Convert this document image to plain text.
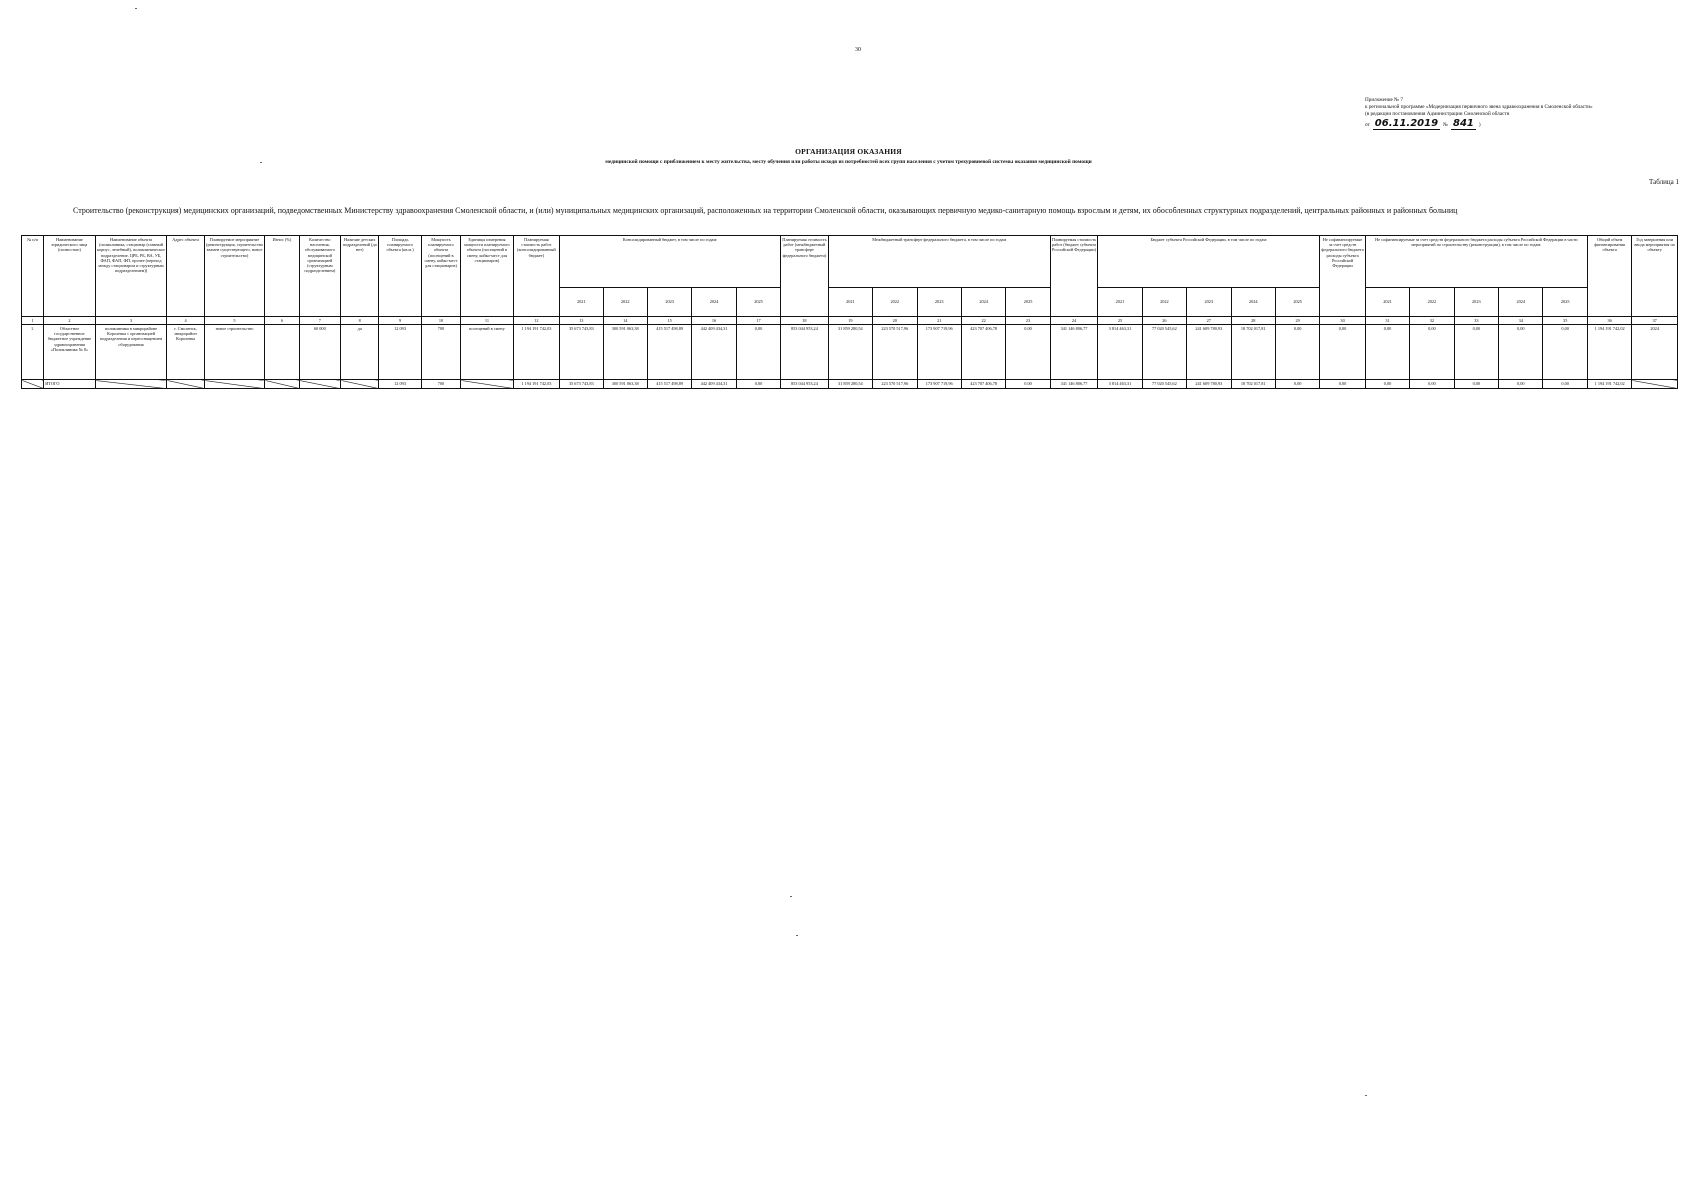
30
Приложение № 7
к региональной программе «Модернизация первичного звена здравоохранения в Смоленской области»
(в редакции постановления Администрации Смоленской области
от 06.11.2019 № 841 )
ОРГАНИЗАЦИЯ ОКАЗАНИЯ
медицинской помощи с приближением к месту жительства, месту обучения или работы исходя из потребностей всех групп населения с учетом трехуровневой системы оказания медицинской помощи
Таблица 1
Строительство (реконструкция) медицинских организаций, подведомственных Министерству здравоохранения Смоленской области, и (или) муниципальных медицинских организаций, расположенных на территории Смоленской области, оказывающих первичную медико-санитарную помощь взрослым и детям, их обособленных структурных подразделений, центральных районных и районных больниц
№ п/п	Наименование юридического лица (полностью)	Наименование объекта (поликлиника, стационар (главный корпус, лечебный), поликлиническое подразделение, ЦРБ, РБ, ВА, УБ, ФАП, ФАП, ФП, прочее (переход между стационаром и структурным подразделением))	Адрес объекта	Планируемое мероприятие (реконструкция, строительство взамен существующего, новое строительство)	Износ (%)	Количество населения, обслуживаемого медицинской организацией (структурным подразделением)	Наличие детских подразделений (да нет)	Площадь планируемого объекта (кв.м.)	Мощность планируемого объекта (посещений в смену, койко-мест для стационаров)	Единицы измерения мощности планируемого объекта (посещений в смену, койко-мест для стационаров)	Планируемая стоимость работ (консолидированный бюджет)	Консолидированный бюджет, в том числе по годам:					Планируемая стоимость работ (межбюджетный трансферт федерального бюджета)	Межбюджетный трансферт федерального бюджета, в том числе по годам					Планируемая стоимость работ (бюджет субъекта Российской Федерации)	Бюджет субъекта Российской Федерации, в том числе по годам:					Не софинансируемые за счет средств федерального бюджета расходы субъекта Российской Федерации	Не софинансируемые за счет средств федерального бюджета расходы субъекта Российской Федерации в части мероприятий по строительству (реконструкции), в том числе по годам:					Общий объем финансирования объекта	Год завершения или ввода мероприятия по объекту
												2021	2022	2023	2024	2025		2021	2022	2023	2024	2025		2021	2022	2023	2024	2025		2021	2022	2023	2024	2025		
1	2	3	4	5	6	7	8	9	10	11	12	13	14	15	16	17	18	19	20	21	22	23	24	25	26	27	28	29	30	31	32	33	34	35	36	37
1.	Областное государственное бюджетное учреждение здравоохранения «Поликлиника № 8»	поликлиника в микрорайоне Королевка с организацией подразделения и переоснащением оборудования	г. Смоленск, микрорайон Королевка	новое строительство		60 000	да	12 093	700	посещений в смену	1 194 191 742,03	35 673 743,83	300 591 063,38	415 517 498,89	442 409 434,31	0,00	853 044 953,24	31 859 280,54	223 570 517,96	173 907 719,96	423 707 406,78	0,00	341 146 806,77	3 814 463,31	77 020 545,62	241 609 780,93	18 702 017,81	0,00	0,00	0,00	0,00	0,00	0,00	0,00	1 194 191 742,02	2024
	ИТОГО							12 093	700		1 194 191 742,03	35 673 743,83	300 591 063,38	415 517 498,89	442 409 434,31	0,00	853 044 953,24	31 859 280,54	223 570 517,96	173 907 719,96	423 707 406,78	0,00	341 146 806,77	3 814 463,31	77 020 545,62	241 609 780,93	18 702 017,81	0,00	0,00	0,00	0,00	0,00	0,00	0,00	1 194 191 742,02	
